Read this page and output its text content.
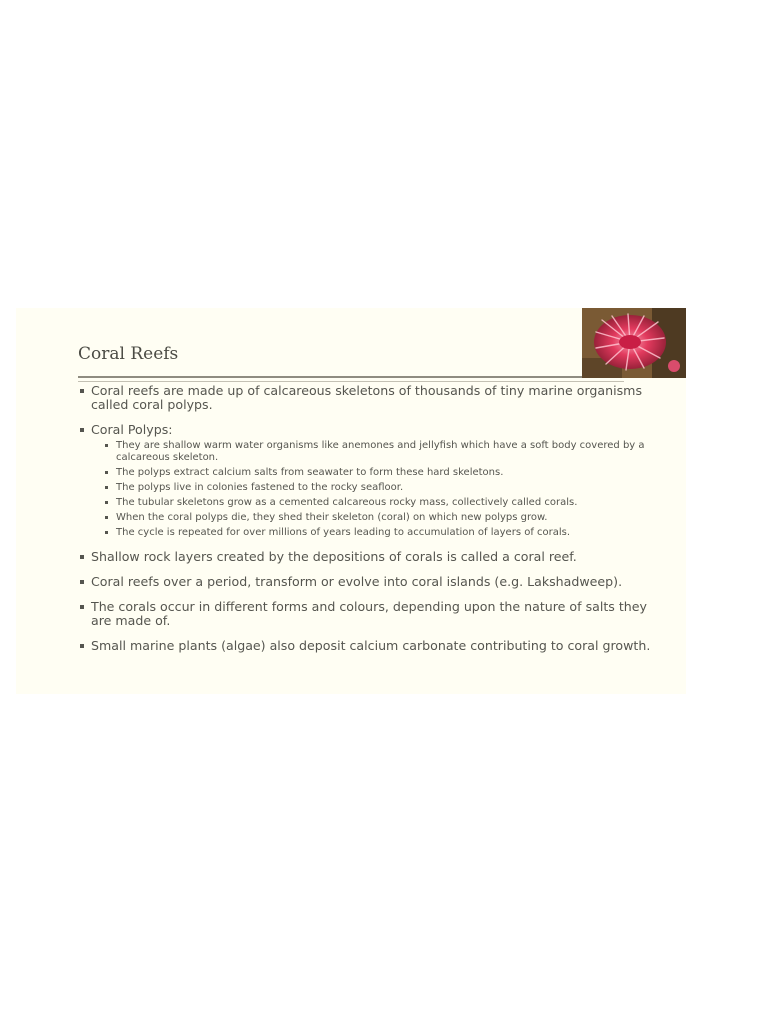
Coral Reefs
Coral reefs are made up of calcareous skeletons of thousands of tiny marine organisms called coral polyps.
Coral Polyps:
They are shallow warm water organisms like anemones and jellyfish which have a soft body covered by a calcareous skeleton.
The polyps extract calcium salts from seawater to form these hard skeletons.
The polyps live in colonies fastened to the rocky seafloor.
The tubular skeletons grow as a cemented calcareous rocky mass, collectively called corals.
When the coral polyps die, they shed their skeleton (coral) on which new polyps grow.
The cycle is repeated for over millions of years leading to accumulation of layers of corals.
Shallow rock layers created by the depositions of corals is called a coral reef.
Coral reefs over a period, transform or evolve into coral islands (e.g. Lakshadweep).
The corals occur in different forms and colours, depending upon the nature of salts they are made of.
Small marine plants (algae) also deposit calcium carbonate contributing to coral growth.
